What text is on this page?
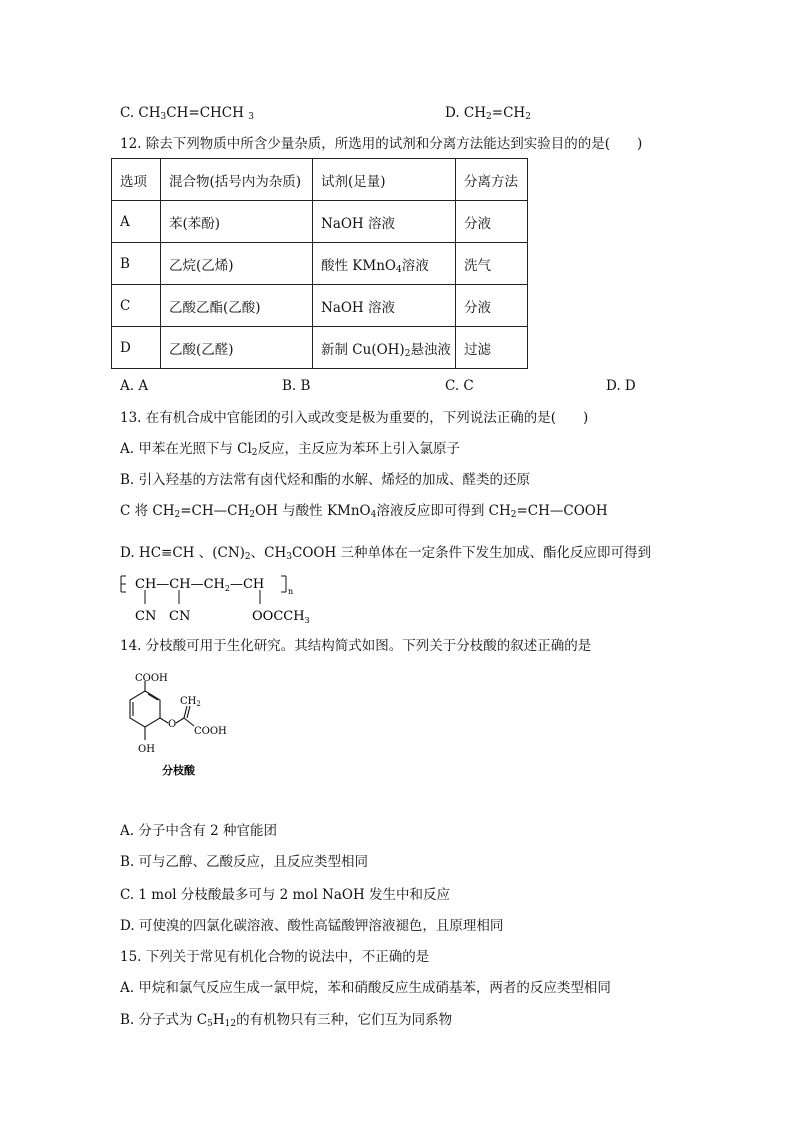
C. $CH_3CH=CHCH$ $_3$	D. $CH_2=CH_2$
12. 除去下列物质中所含少量杂质，所选用的试剂和分离方法能达到实验目的的是(　　)
选项	混合物(括号内为杂质)	试剂(足量)	分离方法
A	苯(苯酚)	NaOH 溶液	分液
B	乙烷(乙烯)	酸性 KMnO$_4$溶液	洗气
C	乙酸乙酯(乙酸)	NaOH 溶液	分液
D	乙酸(乙醛)	新制 $Cu(OH)_2$悬浊液	过滤
A. A	B. B	C. C	D. D
13. 在有机合成中官能团的引入或改变是极为重要的，下列说法正确的是(　　)
A. 甲苯在光照下与 $Cl_2$反应，主反应为苯环上引入氯原子
B. 引入羟基的方法常有卤代烃和酯的水解、烯烃的加成、醛类的还原
C 将 $CH_2=CH—CH_2OH$ 与酸性 KMnO$_4$溶液反应即可得到 $CH_2=CH—COOH$
D. HC≡CH 、$(CN)_2$、$CH_3COOH$ 三种单体在一定条件下发生加成、酯化反应即可得到
$CH—CH—CH_2—CH$	n
CN CN	$OOCCH_3$
14. 分枝酸可用于生化研究。其结构简式如图。下列关于分枝酸的叙述正确的是
COOH
$CH_2$
O
COOH
OH
分枝酸
A. 分子中含有 2 种官能团
B. 可与乙醇、乙酸反应，且反应类型相同
C. 1 mol 分枝酸最多可与 2 mol NaOH 发生中和反应
D. 可使溴的四氯化碳溶液、酸性高锰酸钾溶液褪色，且原理相同
15. 下列关于常见有机化合物的说法中，不正确的是
A. 甲烷和氯气反应生成一氯甲烷，苯和硝酸反应生成硝基苯，两者的反应类型相同
B. 分子式为 $C_5H_{12}$的有机物只有三种，它们互为同系物
